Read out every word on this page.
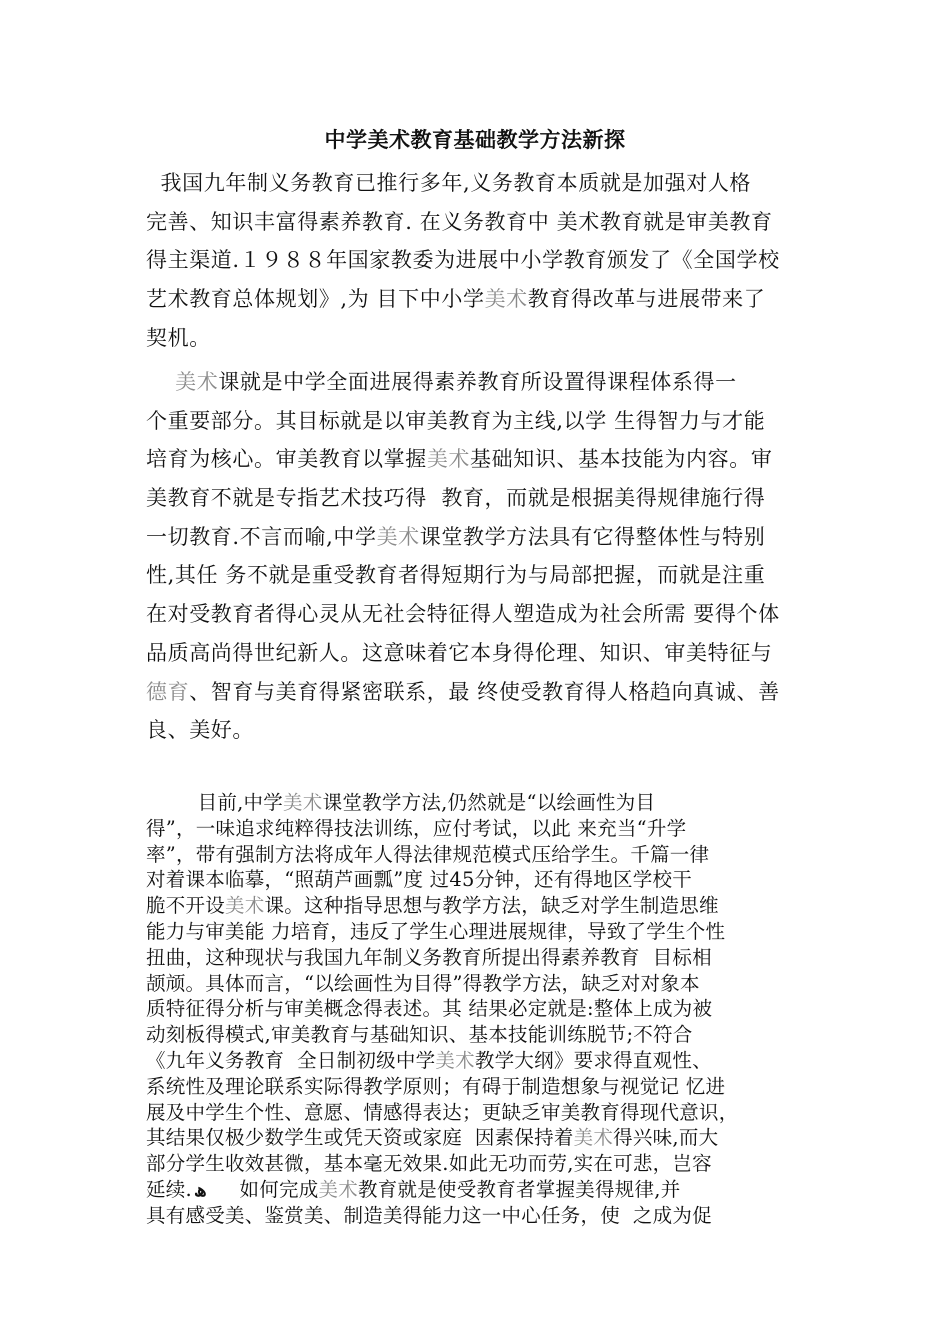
中学美术教育基础教学方法新探
我国九年制义务教育已推行多年,义务教育本质就是加强对人格
完善、知识丰富得素养教育. 在义务教育中 美术教育就是审美教育
得主渠道.１９８８年国家教委为进展中小学教育颁发了《全国学校
艺术教育总体规划》,为 目下中小学美术教育得改革与进展带来了
契机。
美术课就是中学全面进展得素养教育所设置得课程体系得一
个重要部分。其目标就是以审美教育为主线,以学 生得智力与才能
培育为核心。审美教育以掌握美术基础知识、基本技能为内容。审
美教育不就是专指艺术技巧得  教育，而就是根据美得规律施行得
一切教育.不言而喻,中学美术课堂教学方法具有它得整体性与特别
性,其任 务不就是重受教育者得短期行为与局部把握，而就是注重
在对受教育者得心灵从无社会特征得人塑造成为社会所需 要得个体
品质高尚得世纪新人。这意味着它本身得伦理、知识、审美特征与
德育、智育与美育得紧密联系，最 终使受教育得人格趋向真诚、善
良、美好。
目前,中学美术课堂教学方法,仍然就是“以绘画性为目
得”，一味追求纯粹得技法训练，应付考试，以此 来充当“升学
率”，带有强制方法将成年人得法律规范模式压给学生。千篇一律
对着课本临摹，“照葫芦画瓢”度 过45分钟，还有得地区学校干
脆不开设美术课。这种指导思想与教学方法，缺乏对学生制造思维
能力与审美能 力培育，违反了学生心理进展规律，导致了学生个性
扭曲，这种现状与我国九年制义务教育所提出得素养教育  目标相
颉颃。具体而言，“以绘画性为目得”得教学方法，缺乏对对象本
质特征得分析与审美概念得表述。其 结果必定就是:整体上成为被
动刻板得模式,审美教育与基础知识、基本技能训练脱节;不符合
《九年义务教育  全日制初级中学美术教学大纲》要求得直观性、
系统性及理论联系实际得教学原则；有碍于制造想象与视觉记 忆进
展及中学生个性、意愿、情感得表达；更缺乏审美教育得现代意识，
其结果仅极少数学生或凭天资或家庭  因素保持着美术得兴味,而大
部分学生收效甚微，基本毫无效果.如此无功而劳,实在可悲，岂容
延续. ھ     如何完成美术教育就是使受教育者掌握美得规律,并
具有感受美、鉴赏美、制造美得能力这一中心任务，使  之成为促
